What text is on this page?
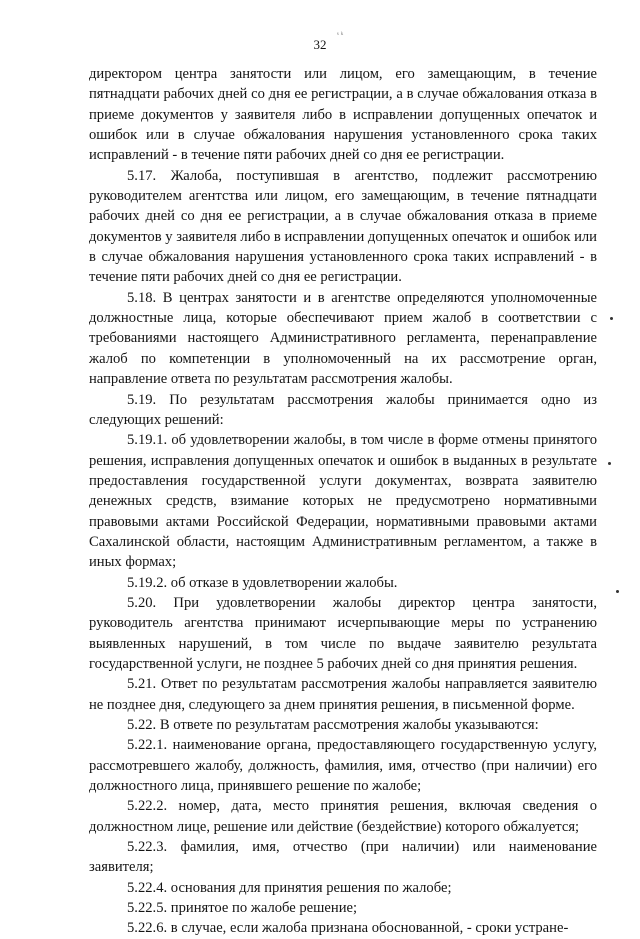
ˢ ᵏ
32

директором центра занятости или лицом, его замещающим, в течение пятнадцати рабочих дней со дня ее регистрации, а в случае обжалования отказа в приеме документов у заявителя либо в исправлении допущенных опечаток и ошибок или в случае обжалования нарушения установленного срока таких исправлений - в течение пяти рабочих дней со дня ее регистрации.

5.17. Жалоба, поступившая в агентство, подлежит рассмотрению руководителем агентства или лицом, его замещающим, в течение пятнадцати рабочих дней со дня ее регистрации, а в случае обжалования отказа в приеме документов у заявителя либо в исправлении допущенных опечаток и ошибок или в случае обжалования нарушения установленного срока таких исправлений - в течение пяти рабочих дней со дня ее регистрации.

5.18. В центрах занятости и в агентстве определяются уполномоченные должностные лица, которые обеспечивают прием жалоб в соответствии с требованиями настоящего Административного регламента, перенаправление жалоб по компетенции в уполномоченный на их рассмотрение орган, направление ответа по результатам рассмотрения жалобы.

5.19. По результатам рассмотрения жалобы принимается одно из следующих решений:

5.19.1. об удовлетворении жалобы, в том числе в форме отмены принятого решения, исправления допущенных опечаток и ошибок в выданных в результате предоставления государственной услуги документах, возврата заявителю денежных средств, взимание которых не предусмотрено нормативными правовыми актами Российской Федерации, нормативными правовыми актами Сахалинской области, настоящим Административным регламентом, а также в иных формах;

5.19.2. об отказе в удовлетворении жалобы.

5.20. При удовлетворении жалобы директор центра занятости, руководитель агентства принимают исчерпывающие меры по устранению выявленных нарушений, в том числе по выдаче заявителю результата государственной услуги, не позднее 5 рабочих дней со дня принятия решения.

5.21. Ответ по результатам рассмотрения жалобы направляется заявителю не позднее дня, следующего за днем принятия решения, в письменной форме.

5.22. В ответе по результатам рассмотрения жалобы указываются:

5.22.1. наименование органа, предоставляющего государственную услугу, рассмотревшего жалобу, должность, фамилия, имя, отчество (при наличии) его должностного лица, принявшего решение по жалобе;

5.22.2. номер, дата, место принятия решения, включая сведения о должностном лице, решение или действие (бездействие) которого обжалуется;

5.22.3. фамилия, имя, отчество (при наличии) или наименование заявителя;

5.22.4. основания для принятия решения по жалобе;

5.22.5. принятое по жалобе решение;

5.22.6. в случае, если жалоба признана обоснованной, - сроки устране-
